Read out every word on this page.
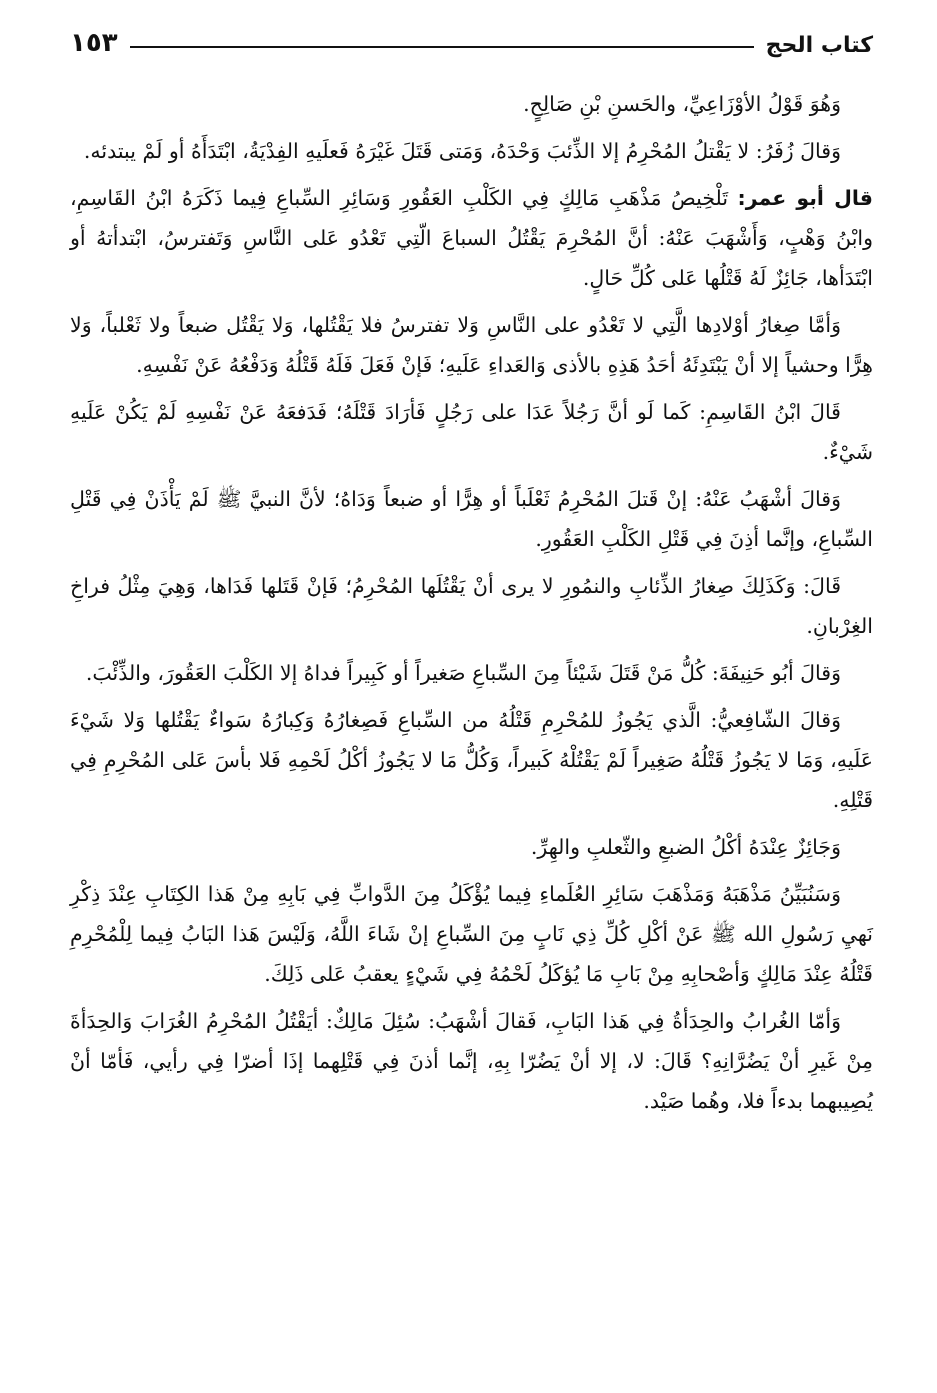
كتاب الحج
١٥٣

وَهُوَ قَوْلُ الأوْزَاعِيِّ، والحَسنِ بْنِ صَالِحٍ.

وَقالَ زُفَرُ: لا يَقْتلُ المُحْرِمُ إلا الذِّئبَ وَحْدَهُ، وَمَتى قَتَلَ غَيْرَهُ فَعلَيهِ الفِدْيَةُ، ابْتَدَأَهُ أو لَمْ يبتدئه.

قال أبو عمر: تَلْخِيصُ مَذْهَبِ مَالِكٍ فِي الكَلْبِ العَقُورِ وَسَائِرِ السِّباعِ فِيما ذَكَرَهُ ابْنُ القَاسِمِ، وابْنُ وَهْبٍ، وَأَشْهَبَ عَنْهُ: أنَّ المُحْرِمَ يَقْتُلُ السباعَ الّتِي تَعْدُو عَلى النَّاسِ وَتَفترسُ، ابْتدأتهُ أو ابْتَدَأها، جَائِزٌ لَهُ قَتْلُها عَلى كُلِّ حَالٍ.

وَأمَّا صِغارُ أوْلادِها الَّتِي لا تَعْدُو على النَّاسِ وَلا تفترسُ فلا يَقْتُلها، وَلا يَقْتُل ضبعاً ولا ثَعْلباً، وَلا هِرًّا وحشياً إلا أنْ يَبْتَدِئَهُ أحَدُ هَذِهِ بالأذى وَالعَداءِ عَلَيهِ؛ فَإنْ فَعَلَ فَلَهُ قَتْلُهُ وَدَفْعُهُ عَنْ نَفْسِهِ.

قَالَ ابْنُ القَاسِمِ: كَما لَو أنَّ رَجُلاً عَدَا على رَجُلٍ فَأرَادَ قَتْلَهُ؛ فَدَفعَهُ عَنْ نَفْسِهِ لَمْ يَكُنْ عَلَيهِ شَيْءٌ.

وَقالَ أشْهَبُ عَنْهُ: إنْ قَتلَ المُحْرِمُ ثَعْلَباً أو هِرًّا أو ضبعاً وَدَاهُ؛ لأنَّ النبيَّ ﷺ لَمْ يَأْذَنْ فِي قَتْلِ السِّباعِ، وإنَّما أذِنَ فِي قَتْلِ الكَلْبِ العَقُورِ.

قَالَ: وَكَذَلِكَ صِغارُ الذِّئابِ والنمُورِ لا يرى أنْ يَقْتُلَها المُحْرِمُ؛ فَإنْ قَتَلها فَدَاها، وَهِيَ مِثْلُ فراخِ الغِرْبانِ.

وَقالَ أبُو حَنِيفَةَ: كُلُّ مَنْ قَتَلَ شَيْئاً مِنَ السِّباعِ صَغيراً أو كَبِيراً فداهُ إلا الكَلْبَ العَقُورَ، والذِّئْبَ.

وَقالَ الشّافِعيُّ: الَّذي يَجُوزُ للمُحْرِمِ قَتْلُهُ من السِّباعِ فَصِغارُهُ وَكِبارُهُ سَواءٌ يَقْتُلها وَلا شَيْءَ عَلَيهِ، وَمَا لا يَجُوزُ قَتْلُهُ صَغِيراً لَمْ يَقْتُلْهُ كَبيراً، وَكُلُّ مَا لا يَجُوزُ أكْلُ لَحْمِهِ فَلا بأسَ عَلى المُحْرِمِ فِي قَتْلِهِ.

وَجَائِزٌ عِنْدَهُ أكْلُ الضبعِ والثّعلبِ والهِرِّ.

وَسَنُبَيِّنُ مَذْهَبَهُ وَمَذْهَبَ سَائِرِ العُلَماءِ فِيما يُؤْكَلُ مِنَ الدَّوابِّ فِي بَابِهِ مِنْ هَذا الكِتَابِ عِنْدَ ذِكْرِ نَهيِ رَسُولِ الله ﷺ عَنْ أكْلِ كُلِّ ذِي نَابٍ مِنَ السِّباعِ إنْ شَاءَ اللَّهُ، وَلَيْسَ هَذا البَابُ فِيما لِلْمُحْرِمِ قَتْلُهُ عِنْدَ مَالِكٍ وَأصْحابِهِ مِنْ بَابِ مَا يُؤكَلُ لَحْمُهُ فِي شَيْءٍ يعقبُ عَلى ذَلِكَ.

وَأمّا الغُرابُ والحِدَأةُ فِي هَذا البَابِ، فَقالَ أشْهَبُ: سُئِلَ مَالِكٌ: أيَقْتُلُ المُحْرِمُ الغُرَابَ وَالحِدَأةَ مِنْ غَيرِ أنْ يَضُرَّانِهِ؟ قَالَ: لا، إلا أنْ يَضُرّا بِهِ، إنَّما أذنَ فِي قَتْلِهما إذَا أضرّا فِي رأيي، فَأمّا أنْ يُصِيبهما بدءاً فلا، وهُما صَيْد.
